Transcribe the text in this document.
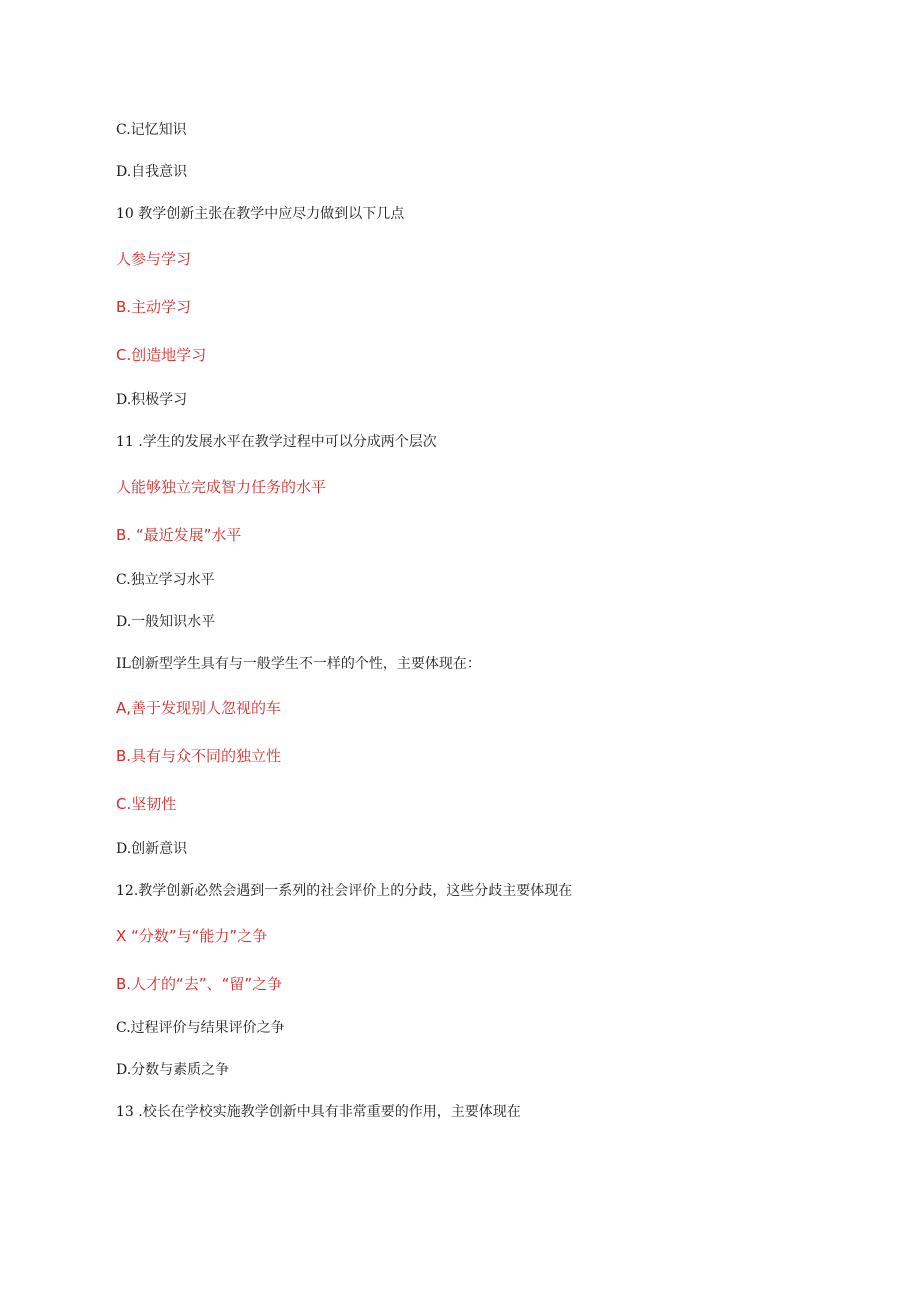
C.记忆知识
D.自我意识
10 教学创新主张在教学中应尽力做到以下几点
人参与学习
B.主动学习
C.创造地学习
D.积极学习
11 .学生的发展水平在教学过程中可以分成两个层次
人能够独立完成智力任务的水平
B. “最近发展”水平
C.独立学习水平
D.一般知识水平
IL创新型学生具有与一般学生不一样的个性，主要体现在：
A,善于发现别人忽视的车
B.具有与众不同的独立性
C.坚韧性
D.创新意识
12.教学创新必然会遇到一系列的社会评价上的分歧，这些分歧主要体现在
X “分数”与“能力”之争
B.人才的“去”、“留”之争
C.过程评价与结果评价之争
D.分数与素质之争
13 .校长在学校实施教学创新中具有非常重要的作用，主要体现在
